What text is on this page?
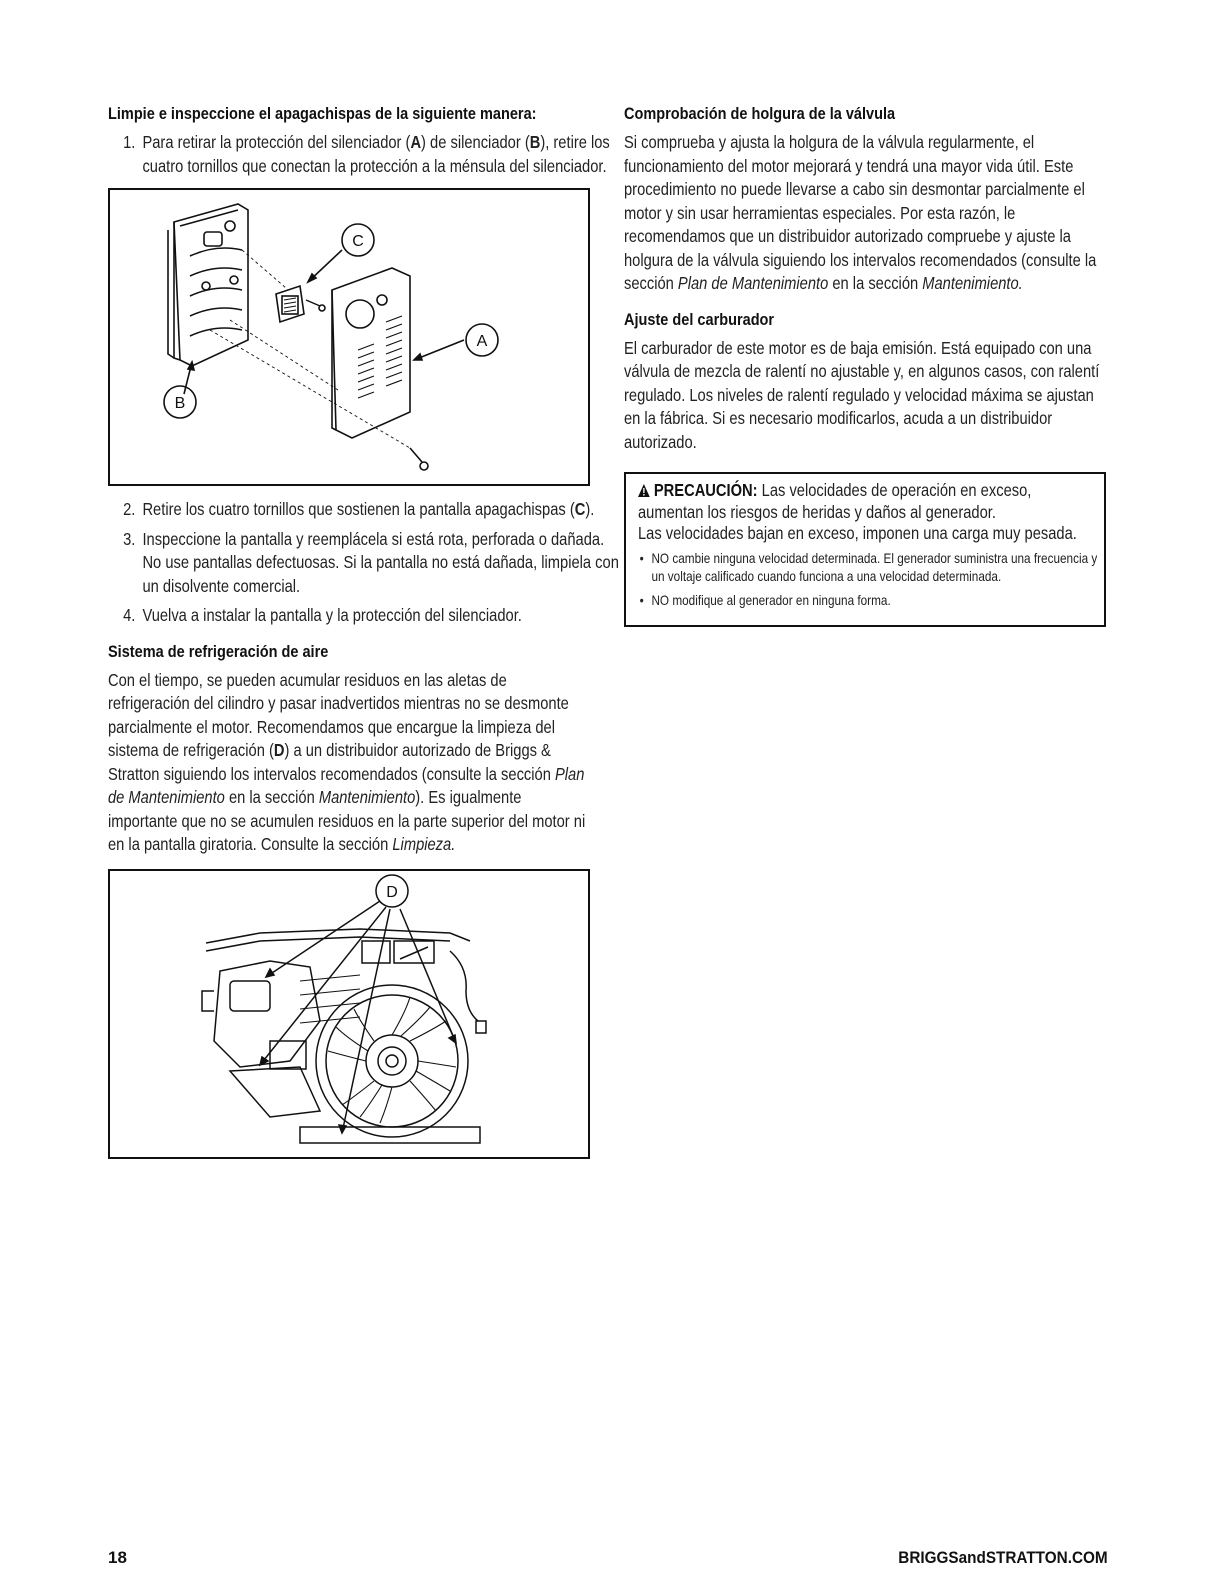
Limpie e inspeccione el apagachispas de la siguiente manera:
1. Para retirar la protección del silenciador (A) de silenciador (B), retire los cuatro tornillos que conectan la protección a la ménsula del silenciador.
C
A
B
2. Retire los cuatro tornillos que sostienen la pantalla apagachispas (C).
3. Inspeccione la pantalla y reemplácela si está rota, perforada o dañada. No use pantallas defectuosas. Si la pantalla no está dañada, limpiela con un disolvente comercial.
4. Vuelva a instalar la pantalla y la protección del silenciador.
Sistema de refrigeración de aire

Con el tiempo, se pueden acumular residuos en las aletas de refrigeración del cilindro y pasar inadvertidos mientras no se desmonte parcialmente el motor. Recomendamos que encargue la limpieza del sistema de refrigeración (D) a un distribuidor autorizado de Briggs & Stratton siguiendo los intervalos recomendados (consulte la sección Plan de Mantenimiento en la sección Mantenimiento). Es igualmente importante que no se acumulen residuos en la parte superior del motor ni en la pantalla giratoria. Consulte la sección Limpieza.

D
Comprobación de holgura de la válvula

Si comprueba y ajusta la holgura de la válvula regularmente, el funcionamiento del motor mejorará y tendrá una mayor vida útil. Este procedimiento no puede llevarse a cabo sin desmontar parcialmente el motor y sin usar herramientas especiales. Por esta razón, le recomendamos que un distribuidor autorizado compruebe y ajuste la holgura de la válvula siguiendo los intervalos recomendados (consulte la sección Plan de Mantenimiento en la sección Mantenimiento.

Ajuste del carburador

El carburador de este motor es de baja emisión. Está equipado con una válvula de mezcla de ralentí no ajustable y, en algunos casos, con ralentí regulado. Los niveles de ralentí regulado y velocidad máxima se ajustan en la fábrica. Si es necesario modificarlos, acuda a un distribuidor autorizado.

PRECAUCIÓN: Las velocidades de operación en exceso, aumentan los riesgos de heridas y daños al generador.

Las velocidades bajan en exceso, imponen una carga muy pesada.

• NO cambie ninguna velocidad determinada. El generador suministra una frecuencia y un voltaje calificado cuando funciona a una velocidad determinada.
• NO modifique al generador en ninguna forma.
18	BRIGGSandSTRATTON.COM
